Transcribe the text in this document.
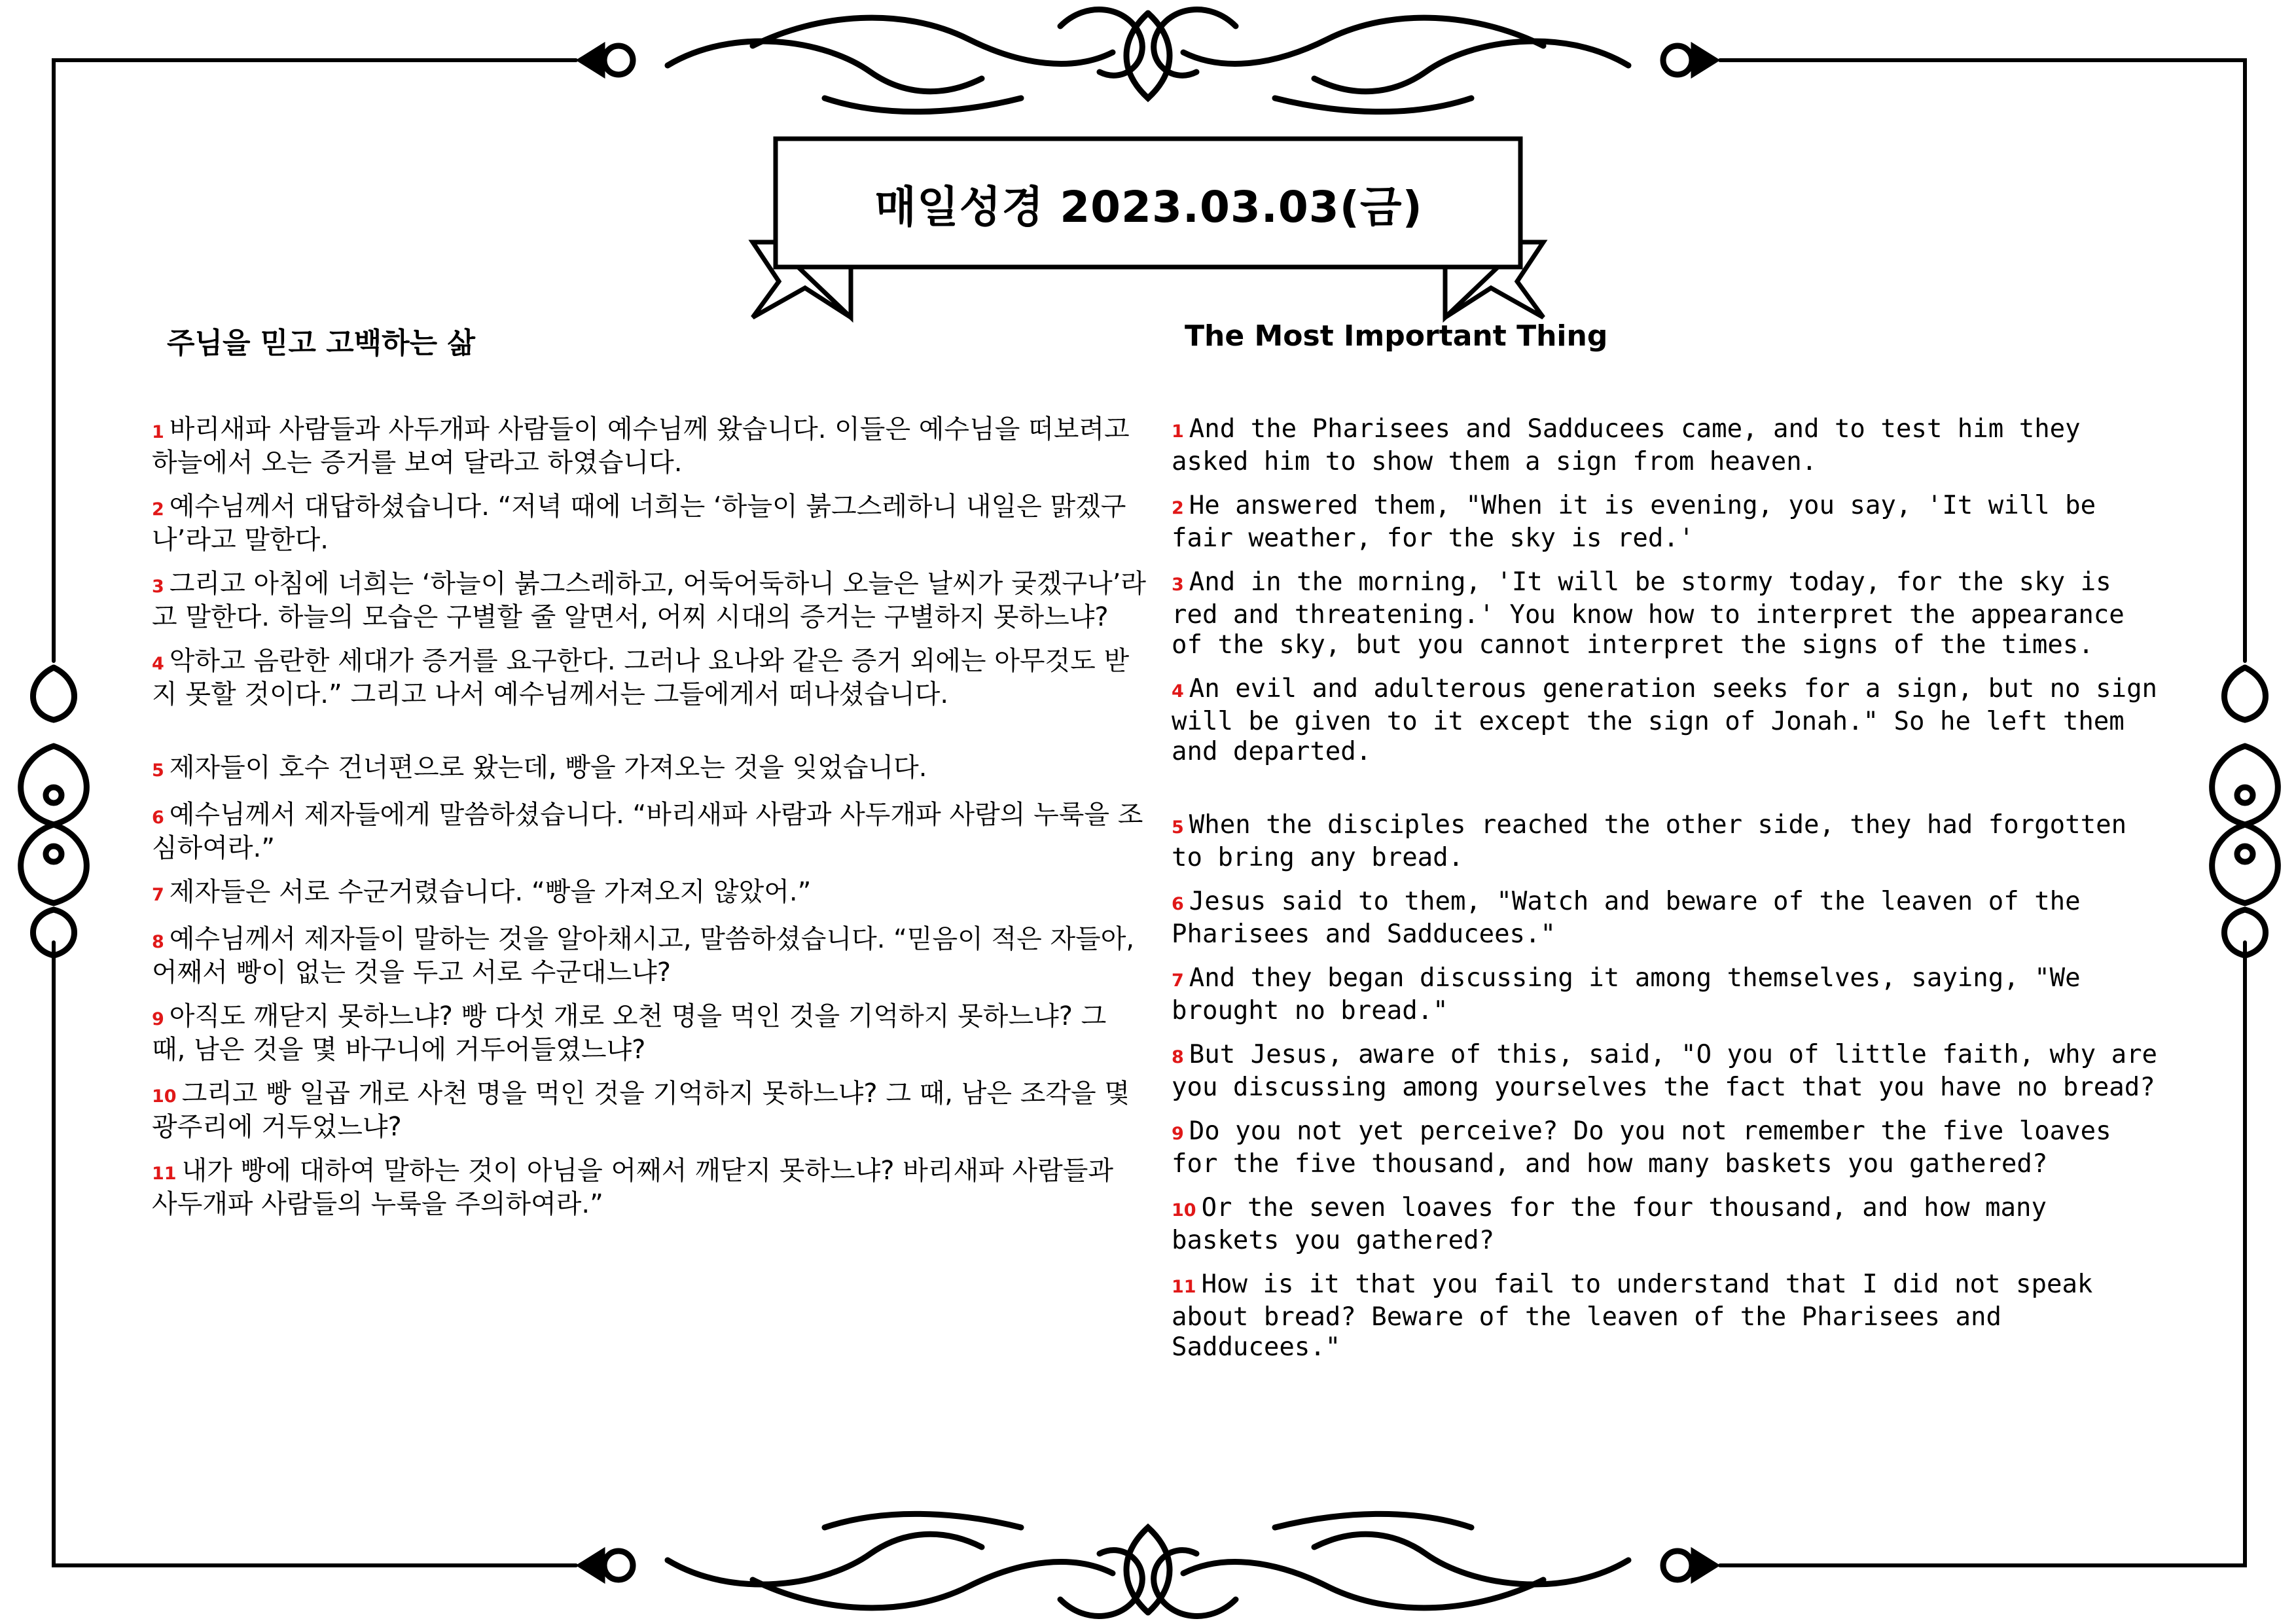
매일성경 2023.03.03(금)
주님을 믿고 고백하는 삶	The Most Important Thing

1 바리새파 사람들과 사두개파 사람들이 예수님께 왔습니다. 이들은 예수님을 떠보려고 하늘에서 오는 증거를 보여 달라고 하였습니다.

2 예수님께서 대답하셨습니다. “저녁 때에 너희는 ‘하늘이 붉그스레하니 내일은 맑겠구나’라고 말한다.

3 그리고 아침에 너희는 ‘하늘이 붉그스레하고, 어둑어둑하니 오늘은 날씨가 궂겠구나’라고 말한다. 하늘의 모습은 구별할 줄 알면서, 어찌 시대의 증거는 구별하지 못하느냐?

4 악하고 음란한 세대가 증거를 요구한다. 그러나 요나와 같은 증거 외에는 아무것도 받지 못할 것이다.” 그리고 나서 예수님께서는 그들에게서 떠나셨습니다.

5 제자들이 호수 건너편으로 왔는데, 빵을 가져오는 것을 잊었습니다.

6 예수님께서 제자들에게 말씀하셨습니다. “바리새파 사람과 사두개파 사람의 누룩을 조심하여라.”

7 제자들은 서로 수군거렸습니다. “빵을 가져오지 않았어.”

8 예수님께서 제자들이 말하는 것을 알아채시고, 말씀하셨습니다. “믿음이 적은 자들아, 어째서 빵이 없는 것을 두고 서로 수군대느냐?

9 아직도 깨닫지 못하느냐? 빵 다섯 개로 오천 명을 먹인 것을 기억하지 못하느냐? 그 때, 남은 것을 몇 바구니에 거두어들였느냐?

10 그리고 빵 일곱 개로 사천 명을 먹인 것을 기억하지 못하느냐? 그 때, 남은 조각을 몇 광주리에 거두었느냐?

11 내가 빵에 대하여 말하는 것이 아님을 어째서 깨닫지 못하느냐? 바리새파 사람들과 사두개파 사람들의 누룩을 주의하여라.”

1 And the Pharisees and Sadducees came, and to test him they asked him to show them a sign from heaven.

2 He answered them, "When it is evening, you say, 'It will be fair weather, for the sky is red.'

3 And in the morning, 'It will be stormy today, for the sky is red and threatening.' You know how to interpret the appearance of the sky, but you cannot interpret the signs of the times.

4 An evil and adulterous generation seeks for a sign, but no sign will be given to it except the sign of Jonah." So he left them and departed.

5 When the disciples reached the other side, they had forgotten to bring any bread.

6 Jesus said to them, "Watch and beware of the leaven of the Pharisees and Sadducees."

7 And they began discussing it among themselves, saying, "We brought no bread."

8 But Jesus, aware of this, said, "O you of little faith, why are you discussing among yourselves the fact that you have no bread?

9 Do you not yet perceive? Do you not remember the five loaves for the five thousand, and how many baskets you gathered?

10 Or the seven loaves for the four thousand, and how many baskets you gathered?

11 How is it that you fail to understand that I did not speak about bread? Beware of the leaven of the Pharisees and Sadducees."
